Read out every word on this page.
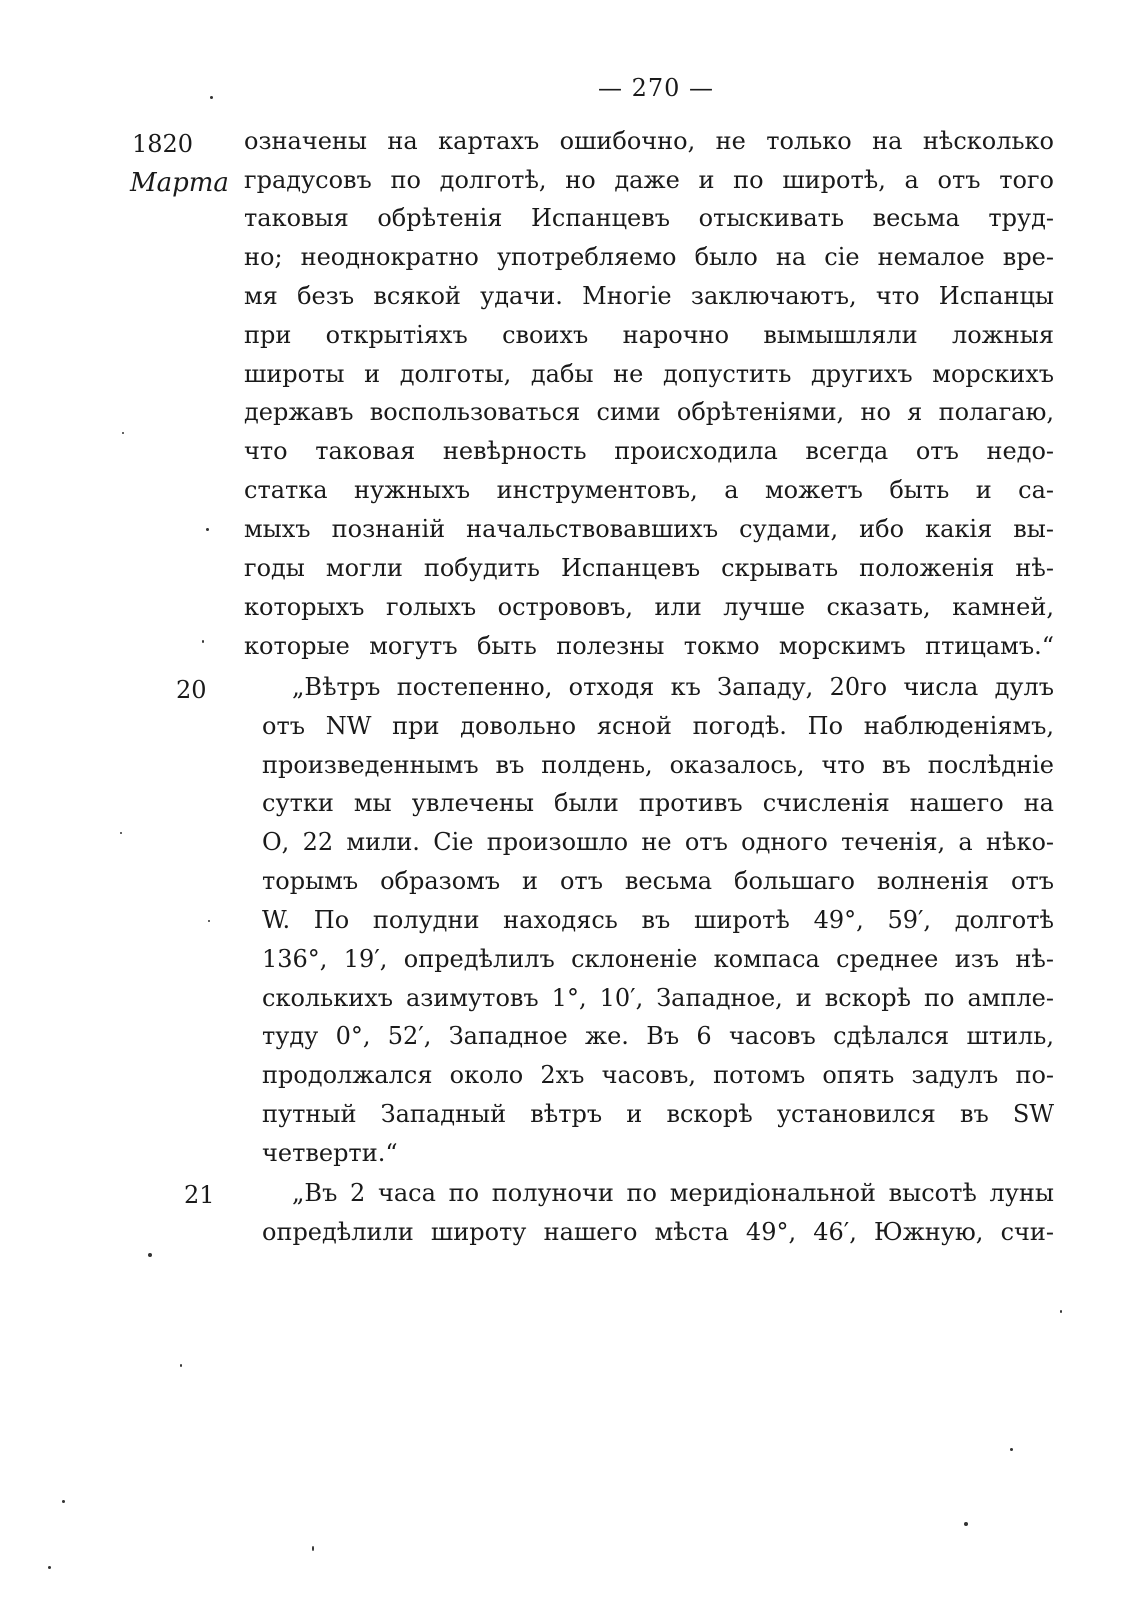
— 270 —
1820
Марта
20
21
означены на картахъ ошибочно, не только на нѣсколько
градусовъ по долготѣ, но даже и по широтѣ, а отъ того
таковыя обрѣтенія Испанцевъ отыскивать весьма труд-
но; неоднократно употребляемо было на сіе немалое вре-
мя безъ всякой удачи. Многіе заключаютъ, что Испанцы
при открытіяхъ своихъ нарочно вымышляли ложныя
широты и долготы, дабы не допустить другихъ морскихъ
державъ воспользоваться сими обрѣтеніями, но я полагаю,
что таковая невѣрность происходила всегда отъ недо-
статка нужныхъ инструментовъ, а можетъ быть и са-
мыхъ познаній начальствовавшихъ судами, ибо какія вы-
годы могли побудить Испанцевъ скрывать положенія нѣ-
которыхъ голыхъ острововъ, или лучше сказать, камней,
которые могутъ быть полезны токмо морскимъ птицамъ.“
„Вѣтръ постепенно, отходя къ Западу, 20го числа дулъ
отъ NW при довольно ясной погодѣ. По наблюденіямъ,
произведеннымъ въ полдень, оказалось, что въ послѣдніе
сутки мы увлечены были противъ счисленія нашего на
О, 22 мили. Сіе произошло не отъ одного теченія, а нѣко-
торымъ образомъ и отъ весьма большаго волненія отъ
W. По полудни находясь въ широтѣ 49°, 59′, долготѣ
136°, 19′, опредѣлилъ склоненіе компаса среднее изъ нѣ-
сколькихъ азимутовъ 1°, 10′, Западное, и вскорѣ по ампле-
туду 0°, 52′, Западное же. Въ 6 часовъ сдѣлался штиль,
продолжался около 2хъ часовъ, потомъ опять задулъ по-
путный Западный вѣтръ и вскорѣ установился въ SW
четверти.“
„Въ 2 часа по полуночи по меридіональной высотѣ луны
опредѣлили широту нашего мѣста 49°, 46′, Южную, счи-
